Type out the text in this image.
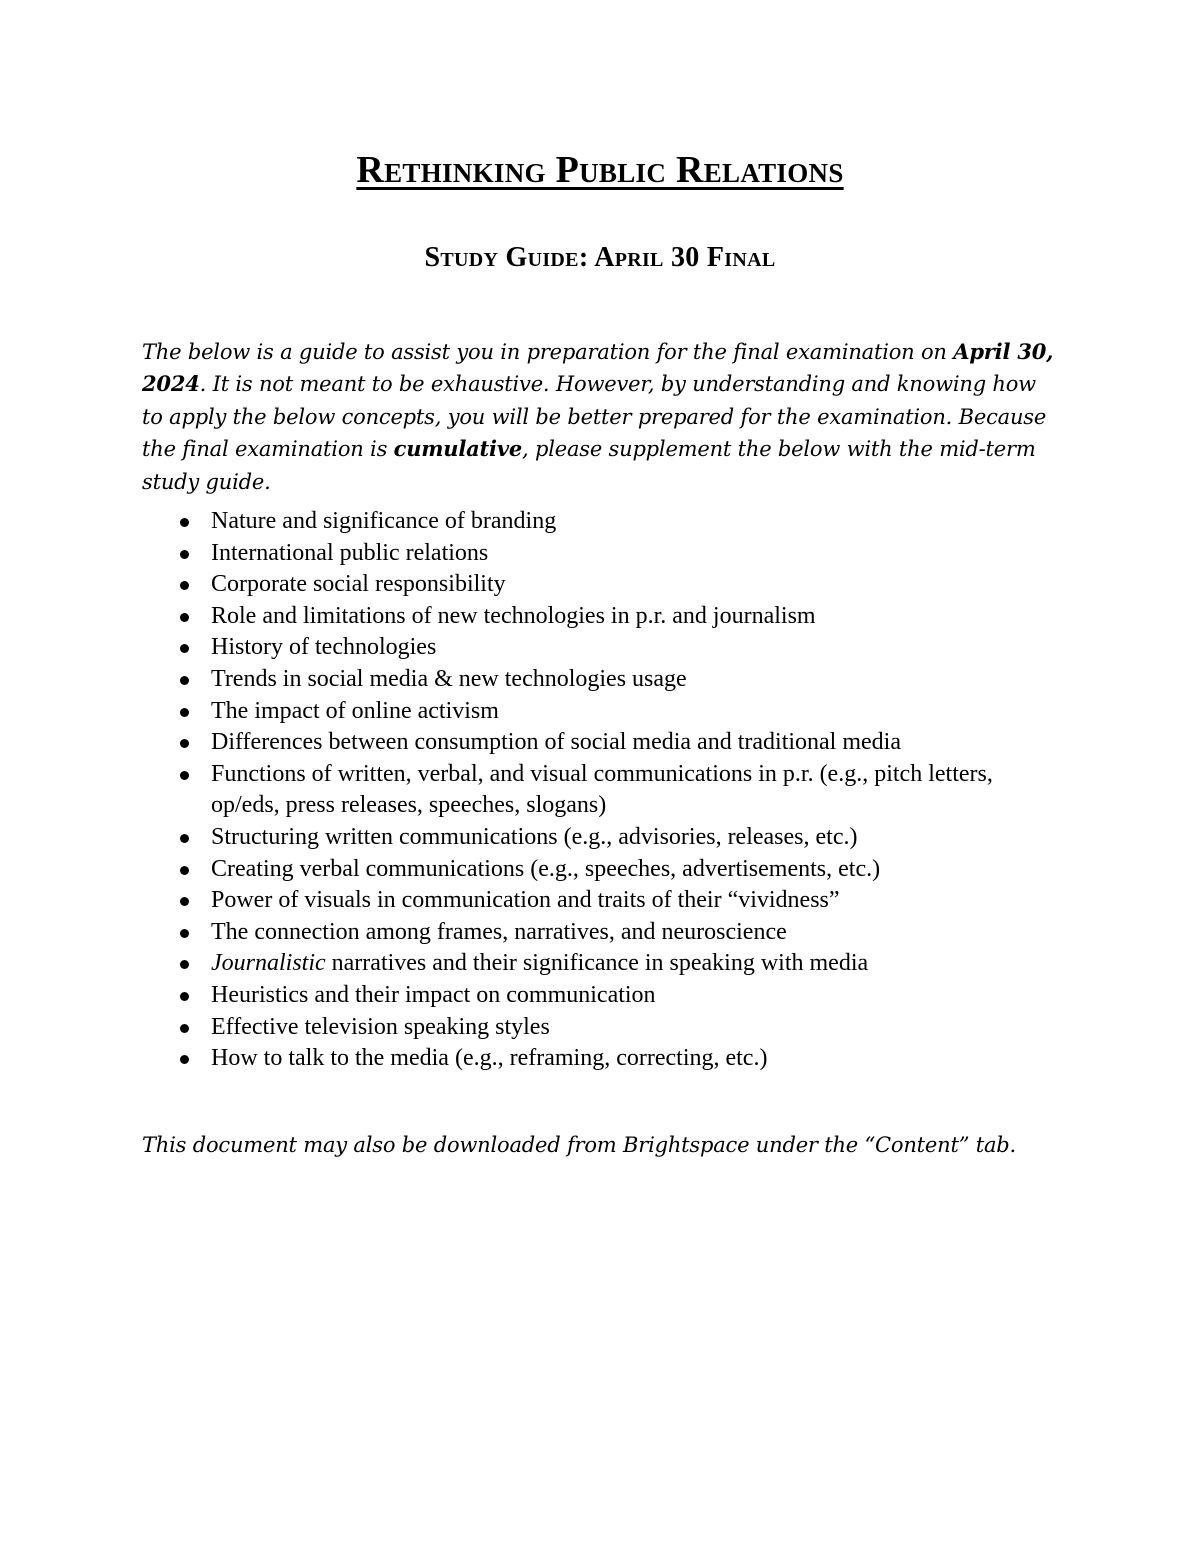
Rethinking Public Relations
Study Guide: April 30 Final

The below is a guide to assist you in preparation for the final examination on April 30, 2024. It is not meant to be exhaustive. However, by understanding and knowing how to apply the below concepts, you will be better prepared for the examination. Because the final examination is cumulative, please supplement the below with the mid-term study guide.

Nature and significance of branding
International public relations
Corporate social responsibility
Role and limitations of new technologies in p.r. and journalism
History of technologies
Trends in social media & new technologies usage
The impact of online activism
Differences between consumption of social media and traditional media
Functions of written, verbal, and visual communications in p.r. (e.g., pitch letters, op/eds, press releases, speeches, slogans)
Structuring written communications (e.g., advisories, releases, etc.)
Creating verbal communications (e.g., speeches, advertisements, etc.)
Power of visuals in communication and traits of their “vividness”
The connection among frames, narratives, and neuroscience
Journalistic narratives and their significance in speaking with media
Heuristics and their impact on communication
Effective television speaking styles
How to talk to the media (e.g., reframing, correcting, etc.)

This document may also be downloaded from Brightspace under the “Content” tab.
